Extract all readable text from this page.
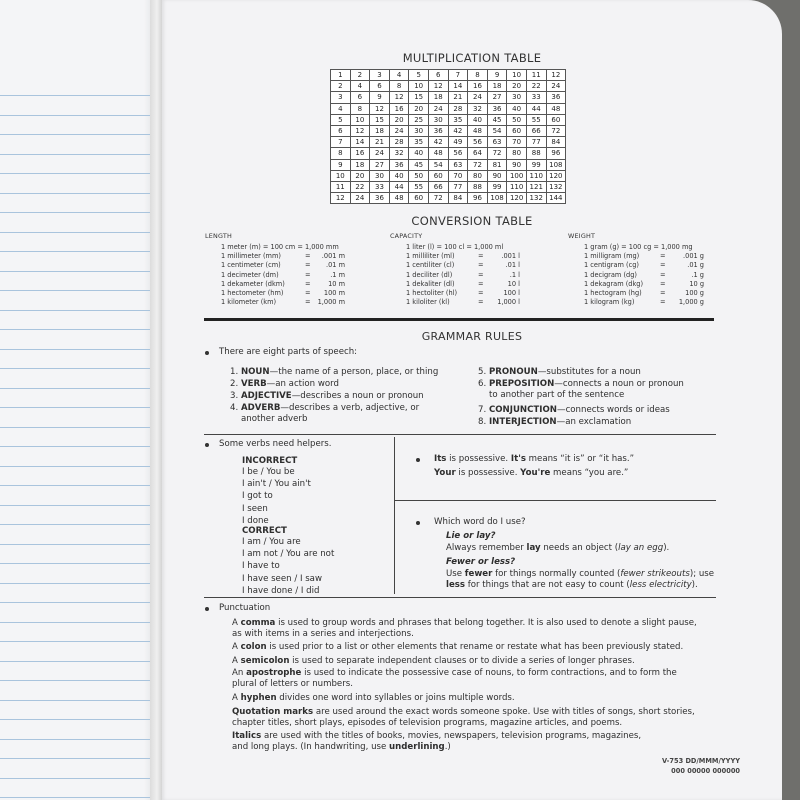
MULTIPLICATION TABLE
1	2	3	4	5	6	7	8	9	10	11	12
2	4	6	8	10	12	14	16	18	20	22	24
3	6	9	12	15	18	21	24	27	30	33	36
4	8	12	16	20	24	28	32	36	40	44	48
5	10	15	20	25	30	35	40	45	50	55	60
6	12	18	24	30	36	42	48	54	60	66	72
7	14	21	28	35	42	49	56	63	70	77	84
8	16	24	32	40	48	56	64	72	80	88	96
9	18	27	36	45	54	63	72	81	90	99	108
10	20	30	40	50	60	70	80	90	100	110	120
11	22	33	44	55	66	77	88	99	110	121	132
12	24	36	48	60	72	84	96	108	120	132	144
CONVERSION TABLE
LENGTH
1 meter (m) = 100 cm = 1,000 mm
1 millimeter (mm)	= .001 m
1 centimeter (cm)	= .01 m
1 decimeter (dm)	=	.1 m
1 dekameter (dkm)	=	10 m
1 hectometer (hm)	= 100 m
1 kilometer (km)	= 1,000 m
CAPACITY
1 liter (l) = 100 cl = 1,000 ml
1 milliliter (ml)	=	.001 l
1 centiliter (cl)	=	.01 l
1 deciliter (dl)	=	.1 l
1 dekaliter (dl)	=	10 l
1 hectoliter (hl)	=	100 l
1 kiloliter (kl)	= 1,000 l
WEIGHT
1 gram (g) = 100 cg = 1,000 mg
1 milligram (mg)	=	.001 g
1 centigram (cg)	=	.01 g
1 decigram (dg)	=	.1 g
1 dekagram (dkg)	=	10 g
1 hectogram (hg)	=	100 g
1 kilogram (kg)	= 1,000 g
GRAMMAR RULES
There are eight parts of speech:
Some verbs need helpers.
INCORRECT
CORRECT
Its is possessive. It's means “it is” or “it has.”
Your is possessive. You're means “you are.”
Which word do I use?
Lie or lay?
Always remember lay needs an object (lay an egg).
Fewer or less?
Use fewer for things normally counted (fewer strikeouts); use
less for things that are not easy to count (less electricity).
Punctuation
V-753 DD/MMM/YYYY
000 00000 000000
1. NOUN—the name of a person, place, or thing
2. VERB—an action word
3. ADJECTIVE—describes a noun or pronoun
4. ADVERB—describes a verb, adjective, or
another adverb
5. PRONOUN—substitutes for a noun
6. PREPOSITION—connects a noun or pronoun
to another part of the sentence
7. CONJUNCTION—connects words or ideas
8. INTERJECTION—an exclamation
I be / You be
I ain't / You ain't
I got to
I seen
I done
I am / You are
I am not / You are not
I have to
I have seen / I saw
I have done / I did
A comma is used to group words and phrases that belong together. It is also used to denote a slight pause,
as with items in a series and interjections.
A colon is used prior to a list or other elements that rename or restate what has been previously stated.
A semicolon is used to separate independent clauses or to divide a series of longer phrases.
An apostrophe is used to indicate the possessive case of nouns, to form contractions, and to form the
plural of letters or numbers.
A hyphen divides one word into syllables or joins multiple words.
Quotation marks are used around the exact words someone spoke. Use with titles of songs, short stories,
chapter titles, short plays, episodes of television programs, magazine articles, and poems.
Italics are used with the titles of books, movies, newspapers, television programs, magazines,
and long plays. (In handwriting, use underlining.)
